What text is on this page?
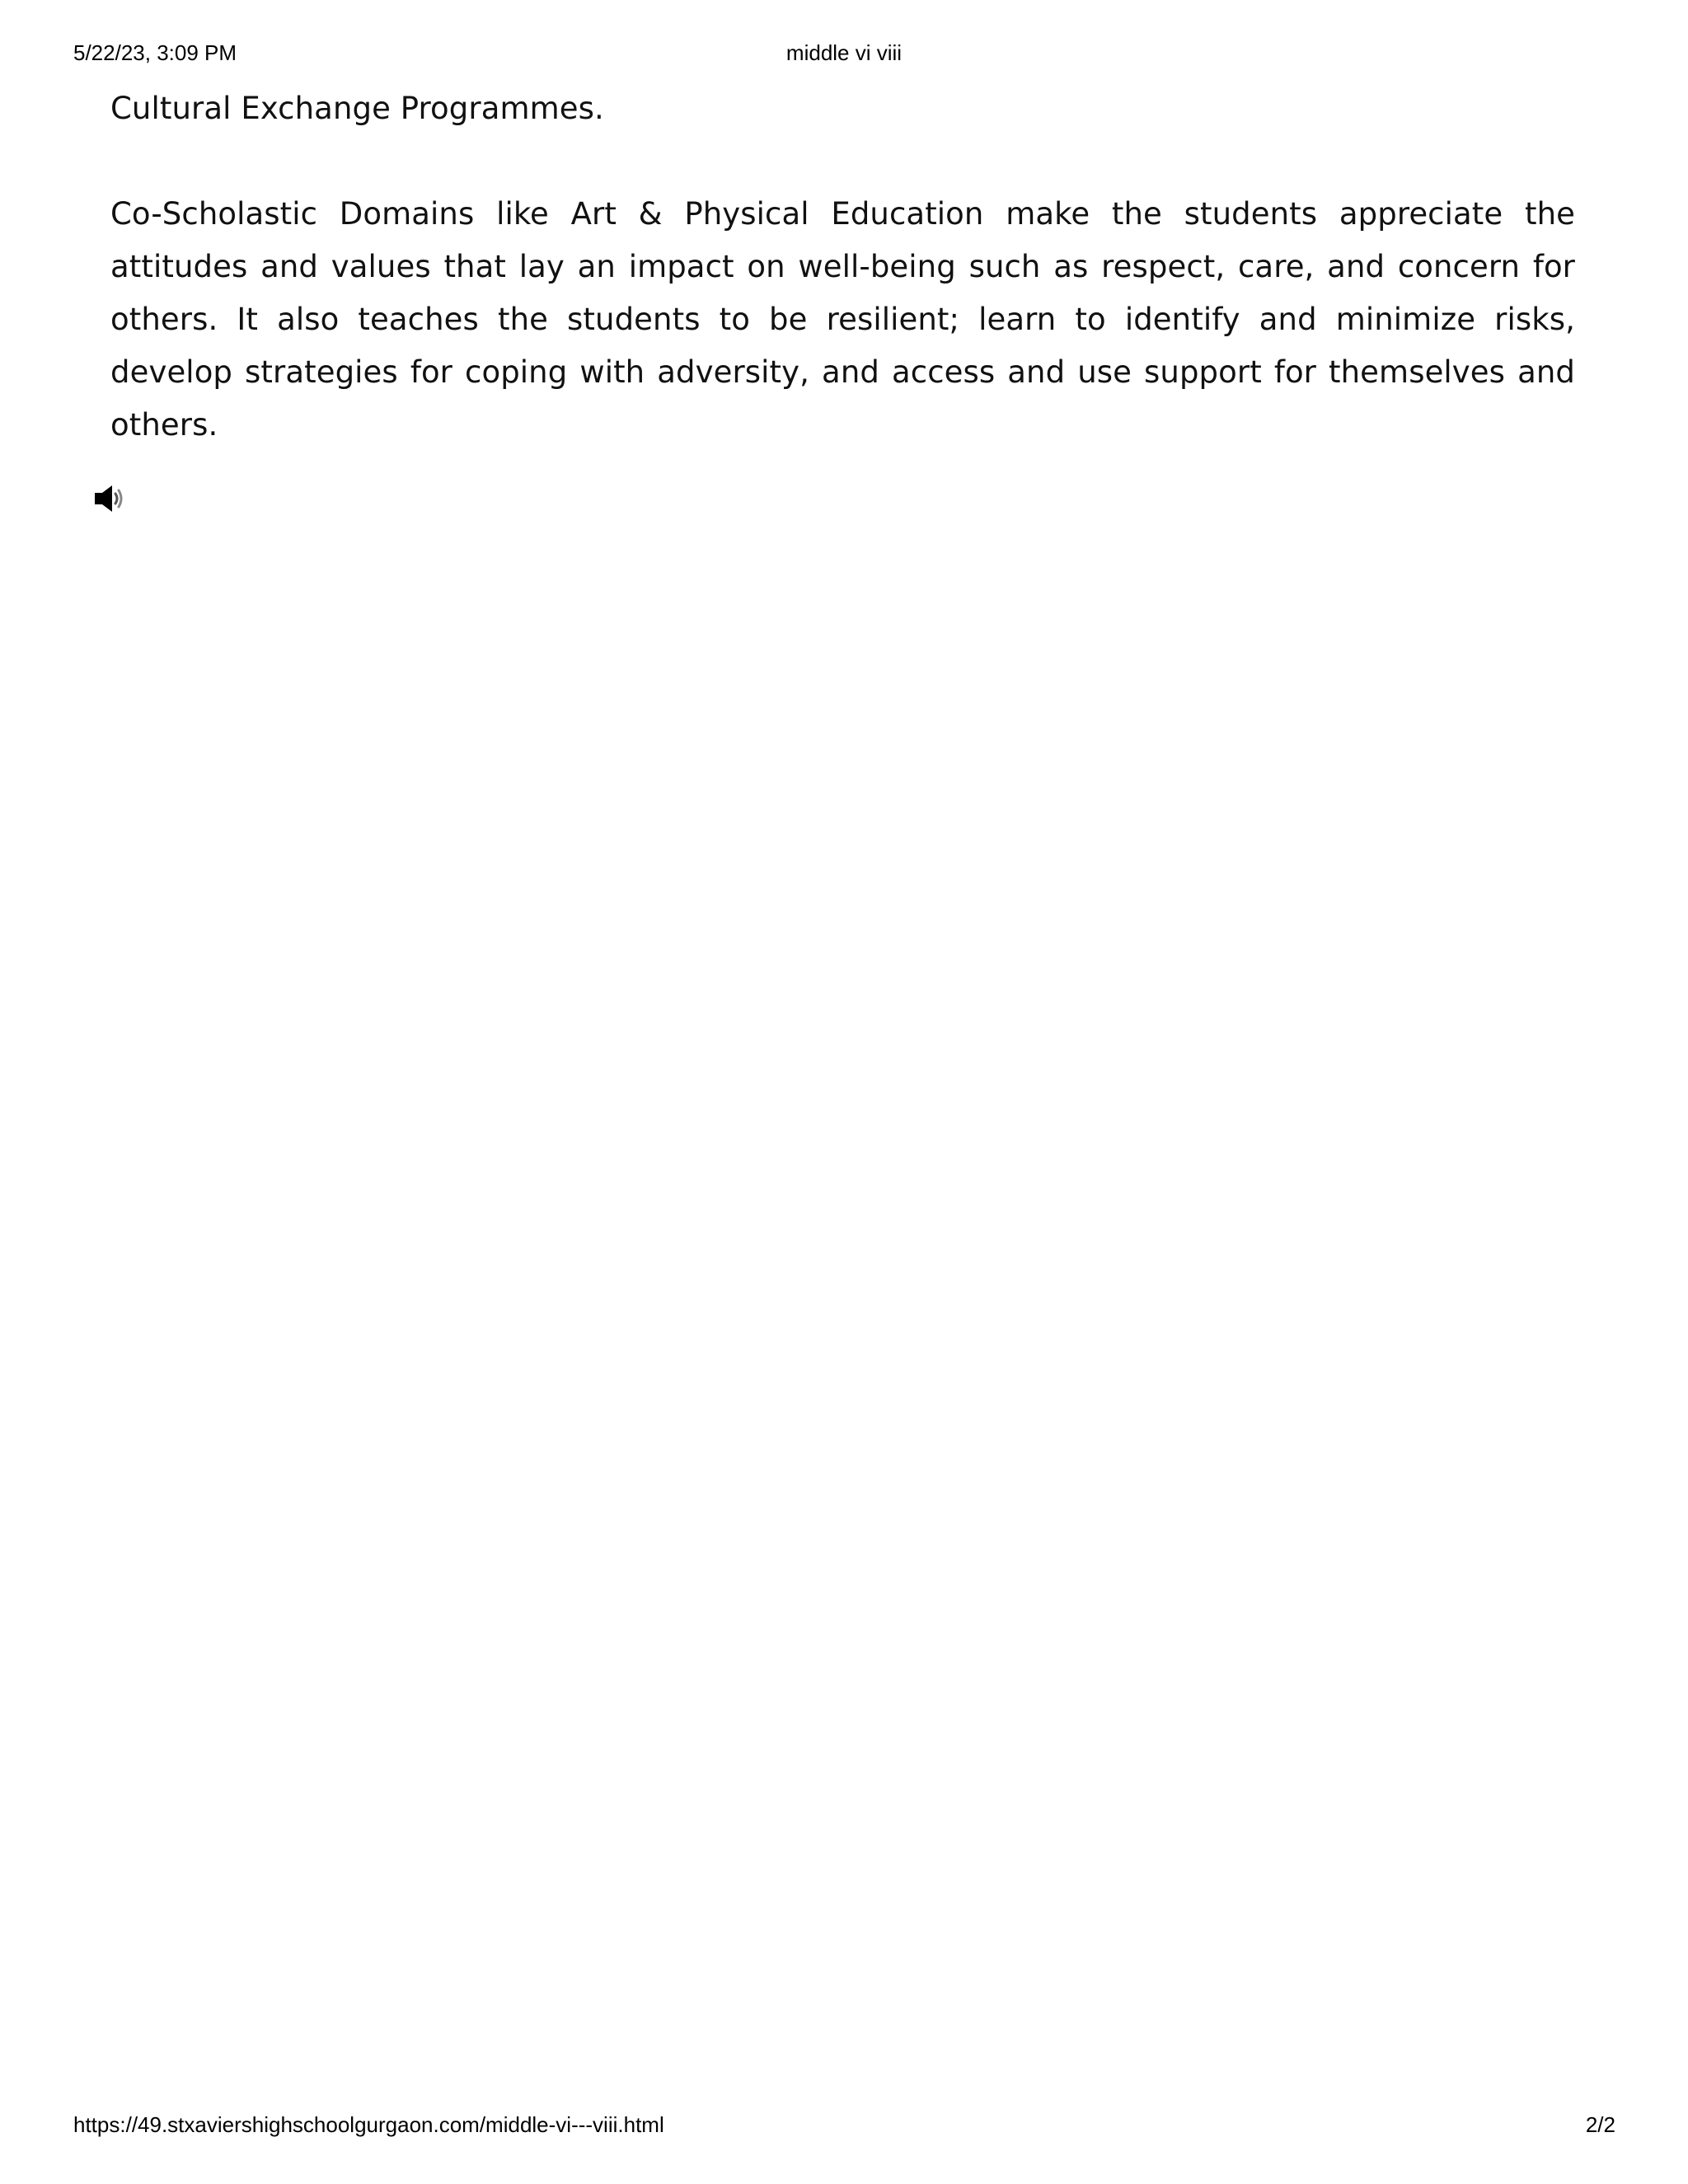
5/22/23, 3:09 PM	middle vi viii

Cultural Exchange Programmes.

Co-Scholastic Domains like Art & Physical Education make the students appreciate the attitudes and values that lay an impact on well-being such as respect, care, and concern for others. It also teaches the students to be resilient; learn to identify and minimize risks, develop strategies for coping with adversity, and access and use support for themselves and others.

https://49.stxaviershighschoolgurgaon.com/middle-vi---viii.html	2/2
